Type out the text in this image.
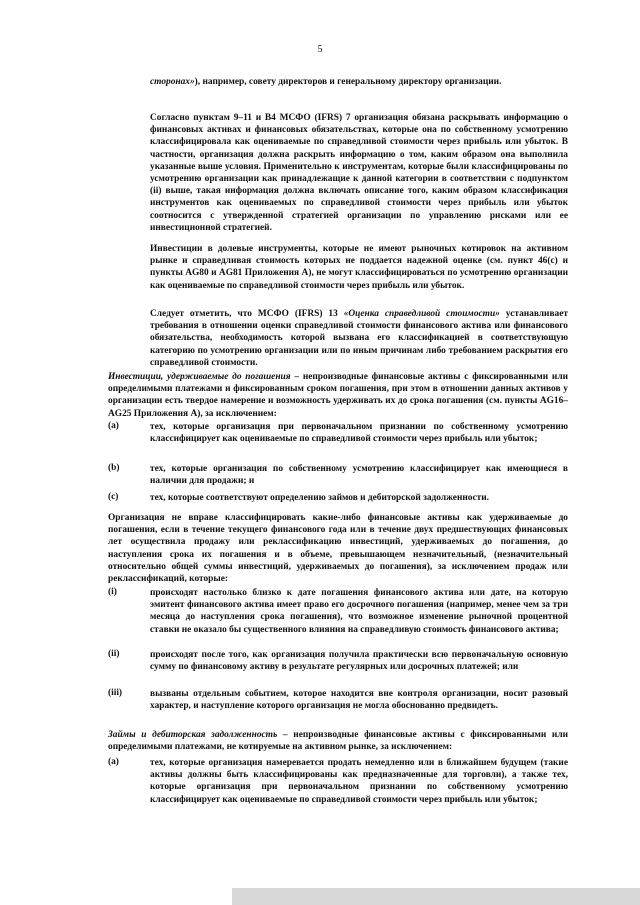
5
сторонах»), например, совету директоров и генеральному директору организации.
Согласно пунктам 9–11 и B4 МСФО (IFRS) 7 организация обязана раскрывать информацию о финансовых активах и финансовых обязательствах, которые она по собственному усмотрению классифицировала как оцениваемые по справедливой стоимости через прибыль или убыток. В частности, организация должна раскрыть информацию о том, каким образом она выполнила указанные выше условия. Применительно к инструментам, которые были классифицированы по усмотрению организации как принадлежащие к данной категории в соответствии с подпунктом (ii) выше, такая информация должна включать описание того, каким образом классификация инструментов как оцениваемых по справедливой стоимости через прибыль или убыток соотносится с утвержденной стратегией организации по управлению рисками или ее инвестиционной стратегией.
Инвестиции в долевые инструменты, которые не имеют рыночных котировок на активном рынке и справедливая стоимость которых не поддается надежной оценке (см. пункт 46(c) и пункты AG80 и AG81 Приложения А), не могут классифицироваться по усмотрению организации как оцениваемые по справедливой стоимости через прибыль или убыток.
Следует отметить, что МСФО (IFRS) 13 «Оценка справедливой стоимости» устанавливает требования в отношении оценки справедливой стоимости финансового актива или финансового обязательства, необходимость которой вызвана его классификацией в соответствующую категорию по усмотрению организации или по иным причинам либо требованием раскрытия его справедливой стоимости.
Инвестиции, удерживаемые до погашения – непроизводные финансовые активы с фиксированными или определимыми платежами и фиксированным сроком погашения, при этом в отношении данных активов у организации есть твердое намерение и возможность удерживать их до срока погашения (см. пункты AG16–AG25 Приложения А), за исключением:
(a)	тех, которые организация при первоначальном признании по собственному усмотрению классифицирует как оцениваемые по справедливой стоимости через прибыль или убыток;
(b)	тех, которые организация по собственному усмотрению классифицирует как имеющиеся в наличии для продажи; и
(c)	тех, которые соответствуют определению займов и дебиторской задолженности.
Организация не вправе классифицировать какие-либо финансовые активы как удерживаемые до погашения, если в течение текущего финансового года или в течение двух предшествующих финансовых лет осуществила продажу или реклассификацию инвестиций, удерживаемых до погашения, до наступления срока их погашения и в объеме, превышающем незначительный, (незначительный относительно общей суммы инвестиций, удерживаемых до погашения), за исключением продаж или реклассификаций, которые:
(i)	происходят настолько близко к дате погашения финансового актива или дате, на которую эмитент финансового актива имеет право его досрочного погашения (например, менее чем за три месяца до наступления срока погашения), что возможное изменение рыночной процентной ставки не оказало бы существенного влияния на справедливую стоимость финансового актива;
(ii)	происходят после того, как организация получила практически всю первоначальную основную сумму по финансовому активу в результате регулярных или досрочных платежей; или
(iii)	вызваны отдельным событием, которое находится вне контроля организации, носит разовый характер, и наступление которого организация не могла обоснованно предвидеть.
Займы и дебиторская задолженность – непроизводные финансовые активы с фиксированными или определимыми платежами, не котируемые на активном рынке, за исключением:
(a)	тех, которые организация намеревается продать немедленно или в ближайшем будущем (такие активы должны быть классифицированы как предназначенные для торговли), а также тех, которые организация при первоначальном признании по собственному усмотрению классифицирует как оцениваемые по справедливой стоимости через прибыль или убыток;
